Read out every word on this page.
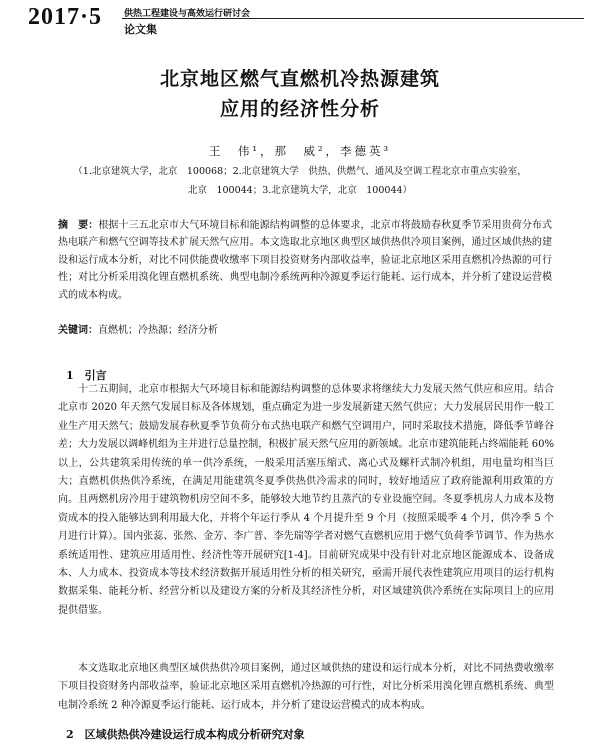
2017·5 供热工程建设与高效运行研讨会
论文集
北京地区燃气直燃机冷热源建筑
应用的经济性分析
王　伟¹，那　威²，李德英³
（1.北京建筑大学，北京　100068；2.北京建筑大学　供热、供燃气、通风及空调工程北京市重点实验室，
北京　100044；3.北京建筑大学，北京　100044）
摘　要：根据十三五北京市大气环境目标和能源结构调整的总体要求，北京市将鼓励春秋夏季节采用贵荷分布式热电联产和燃气空调等技术扩展天然气应用。本文选取北京地区典型区域供热供冷项目案例，通过区域供热的建设和运行成本分析，对比不同供能费收缴率下项目投资财务内部收益率，验证北京地区采用直燃机冷热源的可行性；对比分析采用溴化锂直燃机系统、典型电制冷系统两种冷源夏季运行能耗、运行成本，并分析了建设运营模式的成本构成。
关键词：直燃机；冷热源；经济分析
1　引言
十二五期间，北京市根据大气环境目标和能源结构调整的总体要求将继续大力发展天然气供应和应用。结合北京市 2020 年天然气发展目标及各体规划，重点确定为进一步发展新建天然气供应；大力发展居民用作一般工业生产用天然气；鼓励发展春秋夏季节负荷分布式热电联产和燃气空调用户，同时采取技术措施，降低季节峰谷差；大力发展以调峰机组为主并进行总量控制，积极扩展天然气应用的新领域。北京市建筑能耗占终端能耗 60%以上，公共建筑采用传统的单一供冷系统，一般采用活塞压缩式、离心式及螺杆式制冷机组，用电量均相当巨大；直燃机供热供冷系统，在满足用能建筑冬夏季供热供冷需求的同时，较好地适应了政府能源利用政策的方向。且两燃机房冷用于建筑物机房空间不多，能够较大地节约且蒸汽的专业设施空间。冬夏季机房人力成本及物资成本的投入能够达到利用最大化，并将个年运行季从 4 个月提升至 9 个月（按照采暖季 4 个月，供冷季 5 个月进行计算）。国内张蕊、张然、金芳、李广普、李先瑞等学者对燃气直燃机应用于燃气负荷季节调节、作为热水系统适用性、建筑应用适用性、经济性等开展研究[1-4]。目前研究成果中没有针对北京地区能源成本、设备成本、人力成本、投资成本等技术经济数据开展适用性分析的相关研究，亟需开展代表性建筑应用项目的运行机构数据采集、能耗分析、经营分析以及建设方案的分析及其经济性分析，对区域建筑供冷系统在实际项目上的应用提供借鉴。
本文选取北京地区典型区域供热供冷项目案例，通过区域供热的建设和运行成本分析，对比不同热费收缴率下项目投资财务内部收益率，验证北京地区采用直燃机冷热源的可行性，对比分析采用溴化锂直燃机系统、典型电制冷系统 2 种冷源夏季运行能耗、运行成本，并分析了建设运营模式的成本构成。
2　区域供热供冷建设运行成本构成分析研究对象
